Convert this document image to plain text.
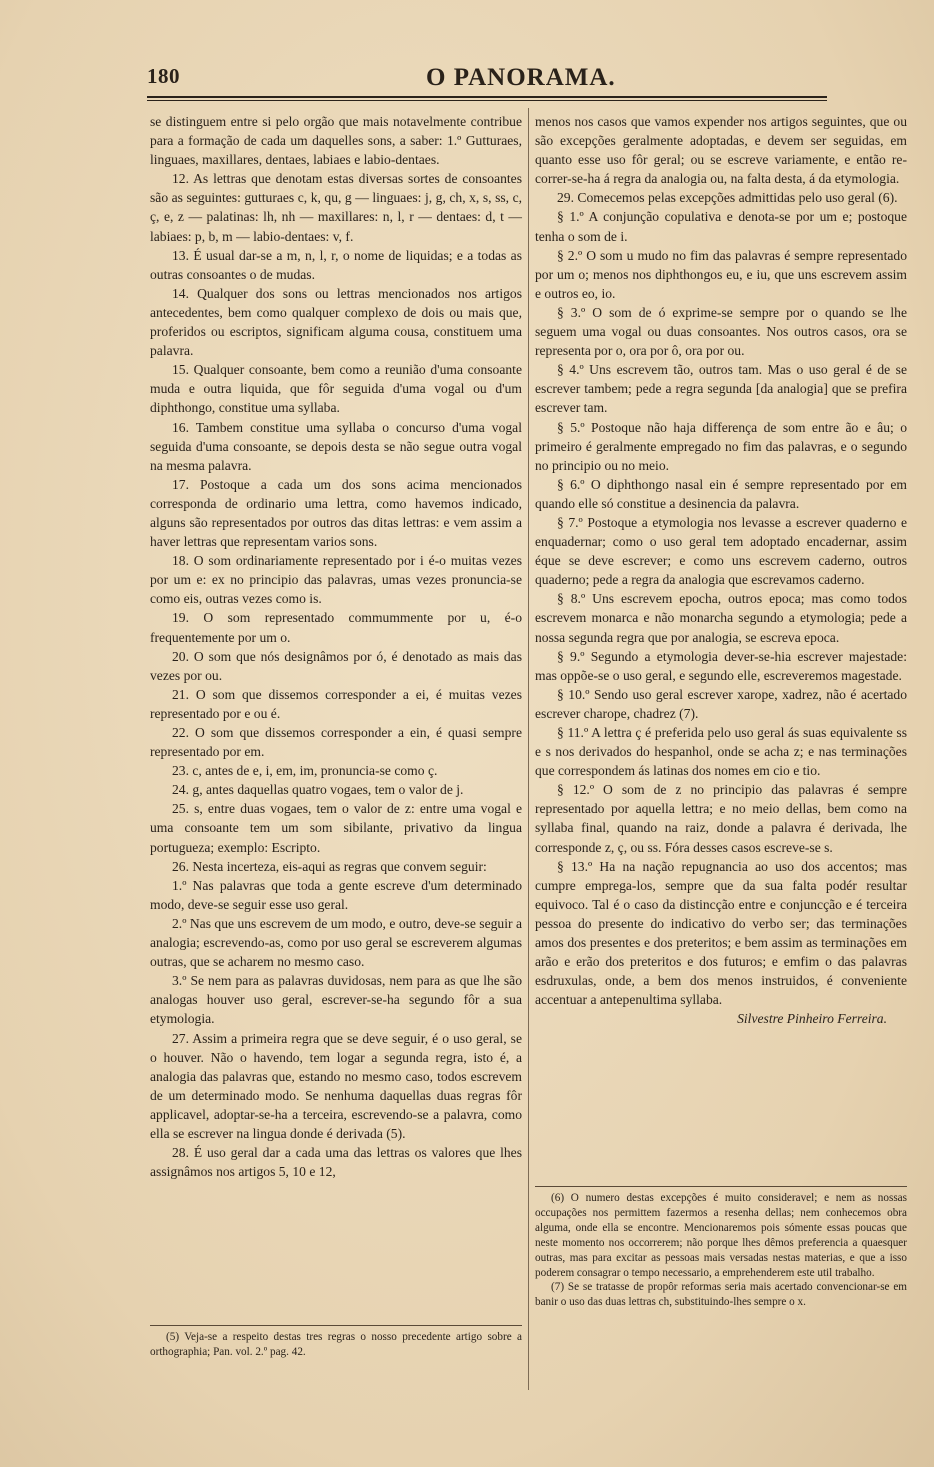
180	O PANORAMA.

se distinguem entre si pelo orgão que mais notavelmente contribue para a formação de cada um daquelles sons, a saber: 1.º Gutturaes, linguaes, maxillares, dentaes, labiaes e labio-dentaes.

12. As lettras que denotam estas diversas sortes de consoantes são as seguintes: gutturaes c, k, qu, g — linguaes: j, g, ch, x, s, ss, c, ç, e, z — palatinas: lh, nh — maxillares: n, l, r — dentaes: d, t — labiaes: p, b, m — labio-dentaes: v, f.

13. É usual dar-se a m, n, l, r, o nome de liquidas; e a todas as outras consoantes o de mudas.

14. Qualquer dos sons ou lettras mencionados nos artigos antecedentes, bem como qualquer complexo de dois ou mais que, proferidos ou escriptos, significam alguma cousa, constituem uma palavra.

15. Qualquer consoante, bem como a reunião d'uma consoante muda e outra liquida, que fôr seguida d'uma vogal ou d'um diphthongo, constitue uma syllaba.

16. Tambem constitue uma syllaba o concurso d'uma vogal seguida d'uma consoante, se depois desta se não segue outra vogal na mesma palavra.

17. Postoque a cada um dos sons acima mencionados corresponda de ordinario uma lettra, como havemos indicado, alguns são representados por outros das ditas lettras: e vem assim a haver lettras que representam varios sons.

18. O som ordinariamente representado por i é-o muitas vezes por um e: ex no principio das palavras, umas vezes pronuncia-se como eis, outras vezes como is.

19. O som representado commummente por u, é-o frequentemente por um o.

20. O som que nós designâmos por ó, é denotado as mais das vezes por ou.

21. O som que dissemos corresponder a ei, é muitas vezes representado por e ou é.

22. O som que dissemos corresponder a ein, é quasi sempre representado por em.

23. c, antes de e, i, em, im, pronuncia-se como ç.

24. g, antes daquellas quatro vogaes, tem o valor de j.

25. s, entre duas vogaes, tem o valor de z: entre uma vogal e uma consoante tem um som sibilante, privativo da lingua portugueza; exemplo: Escripto.

26. Nesta incerteza, eis-aqui as regras que convem seguir:

1.º Nas palavras que toda a gente escreve d'um determinado modo, deve-se seguir esse uso geral.

2.º Nas que uns escrevem de um modo, e outro, deve-se seguir a analogia; escrevendo-as, como por uso geral se escreverem algumas outras, que se acharem no mesmo caso.

3.º Se nem para as palavras duvidosas, nem para as que lhe são analogas houver uso geral, escrever-se-ha segundo fôr a sua etymologia.

27. Assim a primeira regra que se deve seguir, é o uso geral, se o houver. Não o havendo, tem logar a segunda regra, isto é, a analogia das palavras que, estando no mesmo caso, todos escrevem de um determinado modo. Se nenhuma daquellas duas regras fôr applicavel, adoptar-se-ha a terceira, escrevendo-se a palavra, como ella se escrever na lingua donde é derivada (5).

28. É uso geral dar a cada uma das lettras os valores que lhes assignâmos nos artigos 5, 10 e 12,

(5) Veja-se a respeito destas tres regras o nosso precedente artigo sobre a orthographia; Pan. vol. 2.º pag. 42.

menos nos casos que vamos expender nos artigos seguintes, que ou são excepções geralmente adoptadas, e devem ser seguidas, em quanto esse uso fôr geral; ou se escreve variamente, e então recorrer-se-ha á regra da analogia ou, na falta desta, á da etymologia.

29. Comecemos pelas excepções admittidas pelo uso geral (6).

§ 1.º A conjunção copulativa e denota-se por um e; postoque tenha o som de i.

§ 2.º O som u mudo no fim das palavras é sempre representado por um o; menos nos diphthongos eu, e iu, que uns escrevem assim e outros eo, io.

§ 3.º O som de ó exprime-se sempre por o quando se lhe seguem uma vogal ou duas consoantes. Nos outros casos, ora se representa por o, ora por ô, ora por ou.

§ 4.º Uns escrevem tão, outros tam. Mas o uso geral é de se escrever tambem; pede a regra segunda [da analogia] que se prefira escrever tam.

§ 5.º Postoque não haja differença de som entre ão e âu; o primeiro é geralmente empregado no fim das palavras, e o segundo no principio ou no meio.

§ 6.º O diphthongo nasal ein é sempre representado por em quando elle só constitue a desinencia da palavra.

§ 7.º Postoque a etymologia nos levasse a escrever quaderno e enquadernar; como o uso geral tem adoptado encadernar, assim éque se deve escrever; e como uns escrevem caderno, outros quaderno; pede a regra da analogia que escrevamos caderno.

§ 8.º Uns escrevem epocha, outros epoca; mas como todos escrevem monarca e não monarcha segundo a etymologia; pede a nossa segunda regra que por analogia, se escreva epoca.

§ 9.º Segundo a etymologia dever-se-hia escrever majestade: mas oppõe-se o uso geral, e segundo elle, escreveremos magestade.

§ 10.º Sendo uso geral escrever xarope, xadrez, não é acertado escrever charope, chadrez (7).

§ 11.º A lettra ç é preferida pelo uso geral ás suas equivalente ss e s nos derivados do hespanhol, onde se acha z; e nas terminações que correspondem ás latinas dos nomes em cio e tio.

§ 12.º O som de z no principio das palavras é sempre representado por aquella lettra; e no meio dellas, bem como na syllaba final, quando na raiz, donde a palavra é derivada, lhe corresponde z, ç, ou ss. Fóra desses casos escreve-se s.

§ 13.º Ha na nação repugnancia ao uso dos accentos; mas cumpre emprega-los, sempre que da sua falta podér resultar equivoco. Tal é o caso da distincção entre e conjuncção e é terceira pessoa do presente do indicativo do verbo ser; das terminações amos dos presentes e dos preteritos; e bem assim as terminações em arão e erão dos preteritos e dos futuros; e emfim o das palavras esdruxulas, onde, a bem dos menos instruidos, é conveniente accentuar a antepenultima syllaba.

Silvestre Pinheiro Ferreira.

(6) O numero destas excepções é muito consideravel; e nem as nossas occupações nos permittem fazermos a resenha dellas; nem conhecemos obra alguma, onde ella se encontre. Mencionaremos pois sómente essas poucas que neste momento nos occorrerem; não porque lhes dêmos preferencia a quaesquer outras, mas para excitar as pessoas mais versadas nestas materias, e que a isso poderem consagrar o tempo necessario, a emprehenderem este util trabalho.

(7) Se se tratasse de propôr reformas seria mais acertado convencionar-se em banir o uso das duas lettras ch, substituindo-lhes sempre o x.
